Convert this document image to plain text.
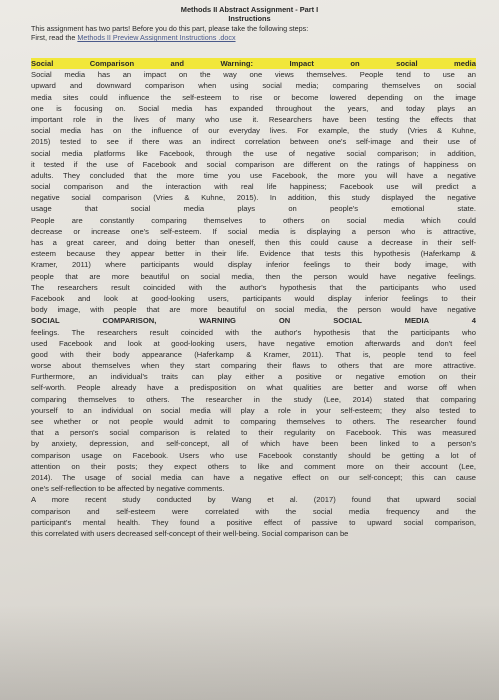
Methods II Abstract Assignment - Part I
Instructions
This assignment has two parts! Before you do this part, please take the following steps:
First, read the Methods II Preview Assignment Instructions .docx
Social Comparison and Warning: Impact on social media
Social media has an impact on the way one views themselves. People tend to use an
upward and downward comparison when using social media; comparing themselves on social
media sites could influence the self-esteem to rise or become lowered depending on the image
one is focusing on. Social media has expanded throughout the years, and today plays an
important role in the lives of many who use it. Researchers have been testing the effects that
social media has on the influence of our everyday lives. For example, the study (Vries & Kuhne,
2015) tested to see if there was an indirect correlation between one's self-image and their use of
social media platforms like Facebook, through the use of negative social comparison; in addition,
it tested if the use of Facebook and social comparison are different on the ratings of happiness on
adults. They concluded that the more time you use Facebook, the more you will have a negative
social comparison and the interaction with real life happiness; Facebook use will predict a
negative social comparison (Vries & Kuhne, 2015). In addition, this study displayed the negative
usage that social media plays on people's emotional state.
People are constantly comparing themselves to others on social media which could
decrease or increase one's self-esteem. If social media is displaying a person who is attractive,
has a great career, and doing better than oneself, then this could cause a decrease in their self-
esteem because they appear better in their life. Evidence that tests this hypothesis (Haferkamp &
Kramer, 2011) where participants would display inferior feelings to their body image, with
people that are more beautiful on social media, then the person would have negative feelings.
The researchers result coincided with the author's hypothesis that the participants who used
Facebook and look at good-looking users, participants would display inferior feelings to their
body image, with people that are more beautiful on social media, the person would have negative
SOCIAL COMPARISON, WARNING ON SOCIAL MEDIA 4
feelings. The researchers result coincided with the author's hypothesis that the participants who
used Facebook and look at good-looking users, have negative emotion afterwards and don't feel
good with their body appearance (Haferkamp & Kramer, 2011). That is, people tend to feel
worse about themselves when they start comparing their flaws to others that are more attractive.
Furthermore, an individual's traits can play either a positive or negative emotion on their
self-worth. People already have a predisposition on what qualities are better and worse off when
comparing themselves to others. The researcher in the study (Lee, 2014) stated that comparing
yourself to an individual on social media will play a role in your self-esteem; they also tested to
see whether or not people would admit to comparing themselves to others. The researcher found
that a person's social comparison is related to their regularity on Facebook. This was measured
by anxiety, depression, and self-concept, all of which have been been linked to a person's
comparison usage on Facebook. Users who use Facebook constantly should be getting a lot of
attention on their posts; they expect others to like and comment more on their account (Lee,
2014). The usage of social media can have a negative effect on our self-concept; this can cause
one's self-reflection to be affected by negative comments.
A more recent study conducted by Wang et al. (2017) found that upward social
comparison and self-esteem were correlated with the social media frequency and the
participant's mental health. They found a positive effect of passive to upward social comparison,
this correlated with users decreased self-concept of their well-being. Social comparison can be
